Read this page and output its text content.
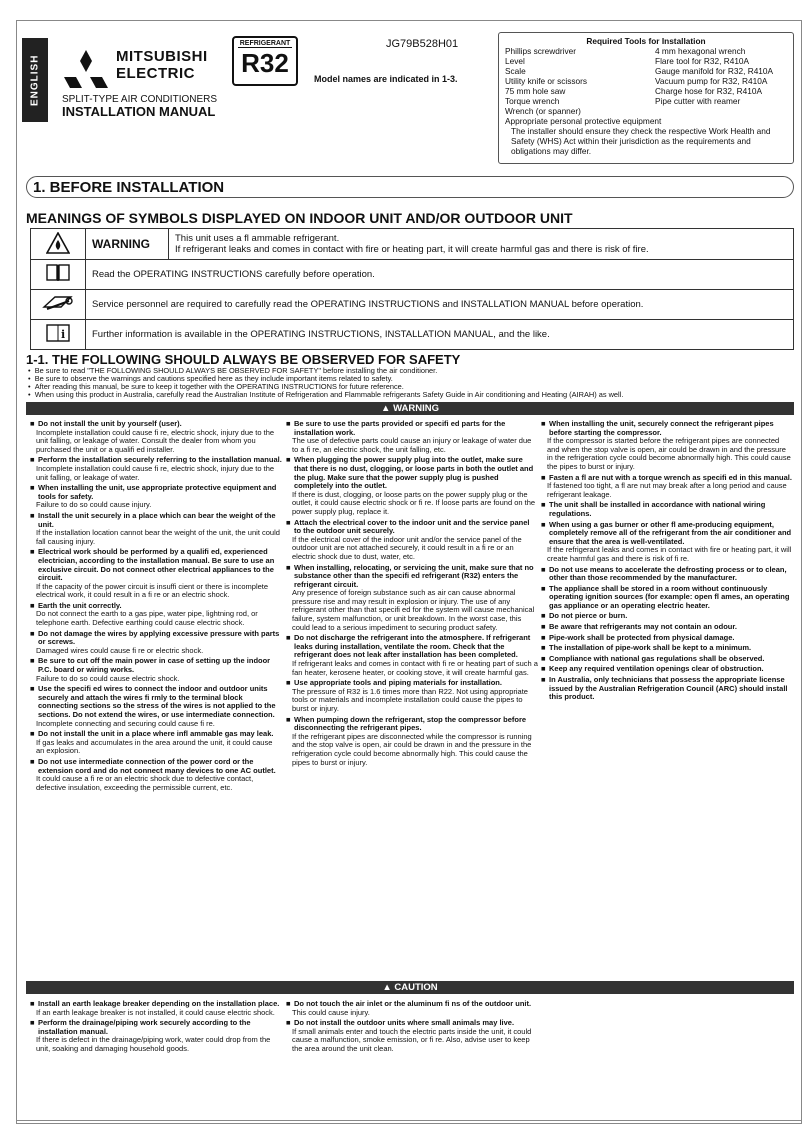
ENGLISH	MITSUBISHI
ELECTRIC
REFRIGERANT
R32
JG79B528H01
Model names are indicated in 1-3.
SPLIT-TYPE AIR CONDITIONERS
INSTALLATION MANUAL
Required Tools for Installation
Phillips screwdriver	4 mm hexagonal wrench
Level	Flare tool for R32, R410A
Scale	Gauge manifold for R32, R410A
Utility knife or scissors	Vacuum pump for R32, R410A
75 mm hole saw	Charge hose for R32, R410A
Torque wrench	Pipe cutter with reamer
Wrench (or spanner)
Appropriate personal protective equipment
The installer should ensure they check the respective Work Health and Safety (WHS) Act within their jurisdiction as the requirements and obligations may differ.
1. BEFORE INSTALLATION
MEANINGS OF SYMBOLS DISPLAYED ON INDOOR UNIT AND/OR OUTDOOR UNIT
	WARNING	This unit uses a fl ammable refrigerant.
If refrigerant leaks and comes in contact with fire or heating part, it will create harmful gas and there is risk of fire.

	Read the OPERATING INSTRUCTIONS carefully before operation.	
	Service personnel are required to carefully read the OPERATING INSTRUCTIONS and INSTALLATION MANUAL before operation.	

i	Further information is available in the OPERATING INSTRUCTIONS, INSTALLATION MANUAL, and the like.	
1-1. THE FOLLOWING SHOULD ALWAYS BE OBSERVED FOR SAFETY
•  Be sure to read "THE FOLLOWING SHOULD ALWAYS BE OBSERVED FOR SAFETY" before installing the air conditioner.
•  Be sure to observe the warnings and cautions specified here as they include important items related to safety.
•  After reading this manual, be sure to keep it together with the OPERATING INSTRUCTIONS for future reference.
•  When using this product in Australia, carefully read the Australian Institute of Refrigeration and Flammable refrigerants Safety Guide in Air conditioning and Heating (AIRAH) as well.
▲ WARNING
■ Do not install the unit by yourself (user).
Incomplete installation could cause fi re, electric shock, injury due to the unit falling, or leakage of water. Consult the dealer from whom you purchased the unit or a qualifi ed installer.
■ Perform the installation securely referring to the installation manual.
Incomplete installation could cause fi re, electric shock, injury due to the unit falling, or leakage of water.
■ When installing the unit, use appropriate protective equipment and tools for safety.
Failure to do so could cause injury.
■ Install the unit securely in a place which can bear the weight of the unit.
If the installation location cannot bear the weight of the unit, the unit could fall causing injury.
■ Electrical work should be performed by a qualifi ed, experienced electrician, according to the installation manual. Be sure to use an exclusive circuit. Do not connect other electrical appliances to the circuit.
If the capacity of the power circuit is insuffi cient or there is incomplete electrical work, it could result in a fi re or an electric shock.
■ Earth the unit correctly.
Do not connect the earth to a gas pipe, water pipe, lightning rod, or telephone earth. Defective earthing could cause electric shock.
■ Do not damage the wires by applying excessive pressure with parts or screws.
Damaged wires could cause fi re or electric shock.
■ Be sure to cut off the main power in case of setting up the indoor P.C. board or wiring works.
Failure to do so could cause electric shock.
■ Use the specifi ed wires to connect the indoor and outdoor units securely and attach the wires fi rmly to the terminal block connecting sections so the stress of the wires is not applied to the sections. Do not extend the wires, or use intermediate connection.
Incomplete connecting and securing could cause fi re.
■ Do not install the unit in a place where infl ammable gas may leak.
If gas leaks and accumulates in the area around the unit, it could cause an explosion.
■ Do not use intermediate connection of the power cord or the extension cord and do not connect many devices to one AC outlet.
It could cause a fi re or an electric shock due to defective contact, defective insulation, exceeding the permissible current, etc.
■ Be sure to use the parts provided or specifi ed parts for the installation work.
The use of defective parts could cause an injury or leakage of water due to a fi re, an electric shock, the unit falling, etc.
■ When plugging the power supply plug into the outlet, make sure that there is no dust, clogging, or loose parts in both the outlet and the plug. Make sure that the power supply plug is pushed completely into the outlet.
If there is dust, clogging, or loose parts on the power supply plug or the outlet, it could cause electric shock or fi re. If loose parts are found on the power supply plug, replace it.
■ Attach the electrical cover to the indoor unit and the service panel to the outdoor unit securely.
If the electrical cover of the indoor unit and/or the service panel of the outdoor unit are not attached securely, it could result in a fi re or an electric shock due to dust, water, etc.
■ When installing, relocating, or servicing the unit, make sure that no substance other than the specifi ed refrigerant (R32) enters the refrigerant circuit.
Any presence of foreign substance such as air can cause abnormal pressure rise and may result in explosion or injury. The use of any refrigerant other than that specifi ed for the system will cause mechanical failure, system malfunction, or unit breakdown. In the worst case, this could lead to a serious impediment to securing product safety.
■ Do not discharge the refrigerant into the atmosphere. If refrigerant leaks during installation, ventilate the room. Check that the refrigerant does not leak after installation has been completed.
If refrigerant leaks and comes in contact with fi re or heating part of such a fan heater, kerosene heater, or cooking stove, it will create harmful gas.
■ Use appropriate tools and piping materials for installation.
The pressure of R32 is 1.6 times more than R22. Not using appropriate tools or materials and incomplete installation could cause the pipes to burst or injury.
■ When pumping down the refrigerant, stop the compressor before disconnecting the refrigerant pipes.
If the refrigerant pipes are disconnected while the compressor is running and the stop valve is open, air could be drawn in and the pressure in the refrigeration cycle could become abnormally high. This could cause the pipes to burst or injury.
■ When installing the unit, securely connect the refrigerant pipes before starting the compressor.
If the compressor is started before the refrigerant pipes are connected and when the stop valve is open, air could be drawn in and the pressure in the refrigeration cycle could become abnormally high. This could cause the pipes to burst or injury.
■ Fasten a fl are nut with a torque wrench as specifi ed in this manual.
If fastened too tight, a fl are nut may break after a long period and cause refrigerant leakage.
■ The unit shall be installed in accordance with national wiring regulations.
■ When using a gas burner or other fl ame-producing equipment, completely remove all of the refrigerant from the air conditioner and ensure that the area is well-ventilated.
If the refrigerant leaks and comes in contact with fire or heating part, it will create harmful gas and there is risk of fi re.
■ Do not use means to accelerate the defrosting process or to clean, other than those recommended by the manufacturer.
■ The appliance shall be stored in a room without continuously operating ignition sources (for example: open fl ames, an operating gas appliance or an operating electric heater.
■ Do not pierce or burn.
■ Be aware that refrigerants may not contain an odour.
■ Pipe-work shall be protected from physical damage.
■ The installation of pipe-work shall be kept to a minimum.
■ Compliance with national gas regulations shall be observed.
■ Keep any required ventilation openings clear of obstruction.
■ In Australia, only technicians that possess the appropriate license issued by the Australian Refrigeration Council (ARC) should install this product.
▲ CAUTION
■ Install an earth leakage breaker depending on the installation place.
If an earth leakage breaker is not installed, it could cause electric shock.
■ Perform the drainage/piping work securely according to the installation manual.
If there is defect in the drainage/piping work, water could drop from the unit, soaking and damaging household goods.
■ Do not touch the air inlet or the aluminum fi ns of the outdoor unit.
This could cause injury.
■ Do not install the outdoor units where small animals may live.
If small animals enter and touch the electric parts inside the unit, it could cause a malfunction, smoke emission, or fi re. Also, advise user to keep the area around the unit clean.
